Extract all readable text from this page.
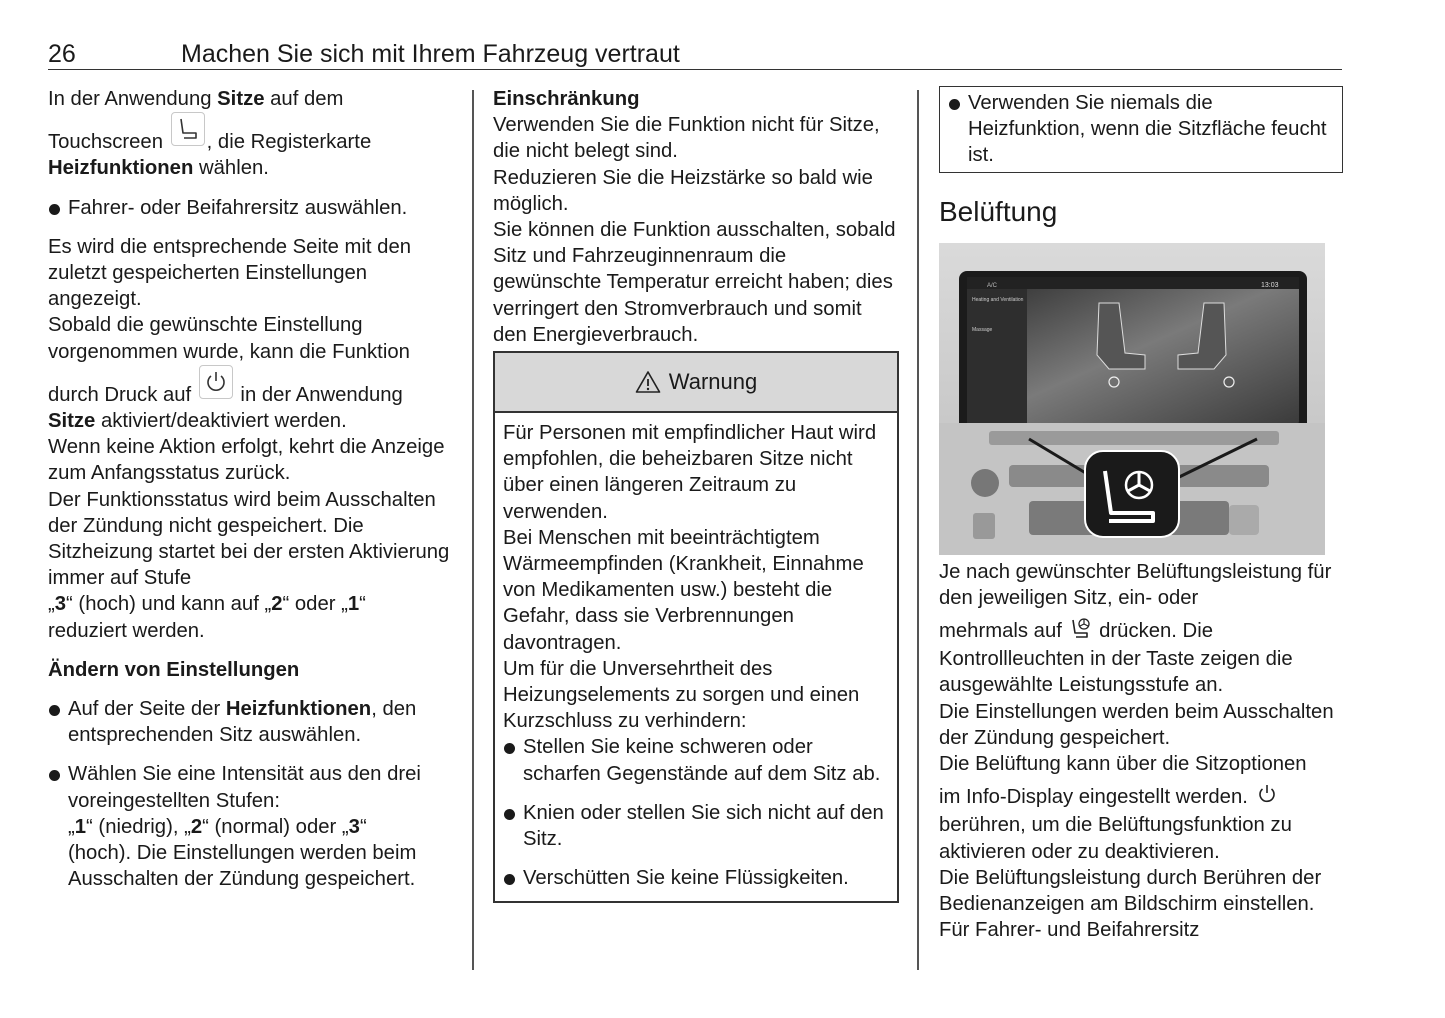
26	Machen Sie sich mit Ihrem Fahrzeug vertraut

In der Anwendung Sitze auf dem

Touchscreen
, die Registerkarte
Heizfunktionen wählen.

Fahrer- oder Beifahrersitz auswählen.

Es wird die entsprechende Seite mit den zuletzt gespeicherten Einstellungen angezeigt.

Sobald die gewünschte Einstellung vorgenommen wurde, kann die Funktion

durch Druck auf
in der Anwendung
Sitze aktiviert/deaktiviert werden.

Wenn keine Aktion erfolgt, kehrt die Anzeige zum Anfangsstatus zurück.

Der Funktionsstatus wird beim Ausschalten der Zündung nicht gespeichert. Die Sitzheizung startet bei der ersten Aktivierung immer auf Stufe
„3“ (hoch) und kann auf „2“ oder „1“
reduziert werden.

Ändern von Einstellungen

Auf der Seite der Heizfunktionen, den entsprechenden Sitz auswählen.

Wählen Sie eine Intensität aus den drei voreingestellten Stufen:
„1“ (niedrig), „2“ (normal) oder „3“
(hoch). Die Einstellungen werden beim Ausschalten der Zündung gespeichert.

Einschränkung

Verwenden Sie die Funktion nicht für Sitze, die nicht belegt sind.

Reduzieren Sie die Heizstärke so bald wie möglich.

Sie können die Funktion ausschalten, sobald Sitz und Fahrzeuginnenraum die gewünschte Temperatur erreicht haben; dies verringert den Stromverbrauch und somit den Energieverbrauch.

Warnung

Für Personen mit empfindlicher Haut wird empfohlen, die beheizbaren Sitze nicht über einen längeren Zeitraum zu verwenden.

Bei Menschen mit beeinträchtigtem Wärmeempfinden (Krankheit, Einnahme von Medikamenten usw.) besteht die Gefahr, dass sie Verbrennungen davontragen.

Um für die Unversehrtheit des Heizungselements zu sorgen und einen Kurzschluss zu verhindern:

Stellen Sie keine schweren oder scharfen Gegenstände auf dem Sitz ab.

Knien oder stellen Sie sich nicht auf den Sitz.

Verschütten Sie keine Flüssigkeiten.

Verwenden Sie niemals die Heizfunktion, wenn die Sitzfläche feucht ist.

Belüftung
13:03
A/C
Heating and Ventilation
Massage

Je nach gewünschter Belüftungsleistung für den jeweiligen Sitz, ein- oder

mehrmals auf  drücken. Die

Kontrollleuchten in der Taste zeigen die ausgewählte Leistungsstufe an.

Die Einstellungen werden beim Ausschalten der Zündung gespeichert.

Die Belüftung kann über die Sitzoptionen

im Info-Display eingestellt werden.
berühren, um die Belüftungsfunktion zu aktivieren oder zu deaktivieren.

Die Belüftungsleistung durch Berühren der Bedienanzeigen am Bildschirm einstellen. Für Fahrer- und Beifahrersitz
